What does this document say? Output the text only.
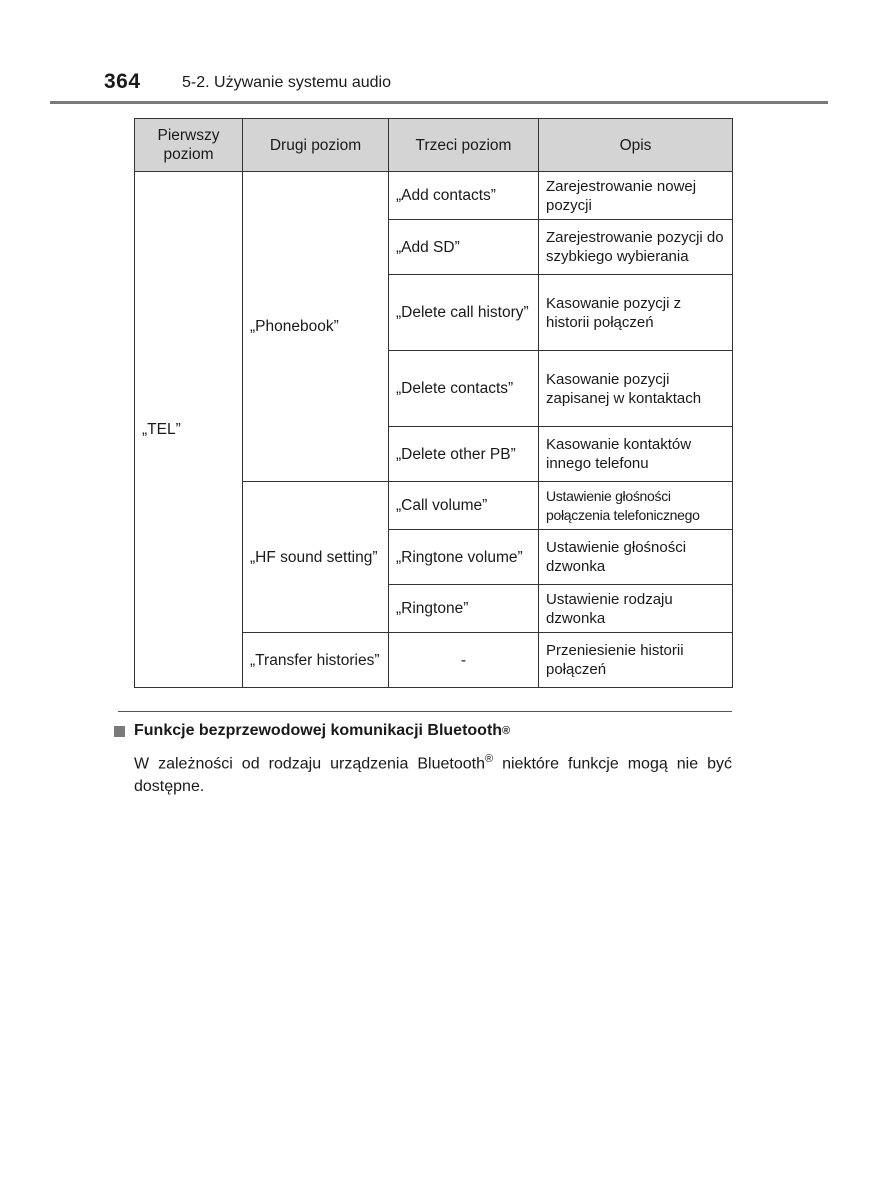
364	5-2. Używanie systemu audio
Pierwszy poziom	Drugi poziom	Trzeci poziom	Opis
„TEL”	„Phonebook”	„Add contacts”	Zarejestrowanie nowej pozycji
		„Add SD”	Zarejestrowanie pozycji do szybkiego wybierania
		„Delete call history”	Kasowanie pozycji z historii połączeń
		„Delete contacts”	Kasowanie pozycji zapisanej w kontaktach
		„Delete other PB”	Kasowanie kontaktów innego telefonu
	„HF sound setting”	„Call volume”	Ustawienie głośności połączenia telefonicznego
		„Ringtone volume”	Ustawienie głośności dzwonka
		„Ringtone”	Ustawienie rodzaju dzwonka
	„Transfer histories”	-	Przeniesienie historii połączeń
Funkcje bezprzewodowej komunikacji Bluetooth ®
W zależności od rodzaju urządzenia Bluetooth® niektóre funkcje mogą nie być dostępne.
